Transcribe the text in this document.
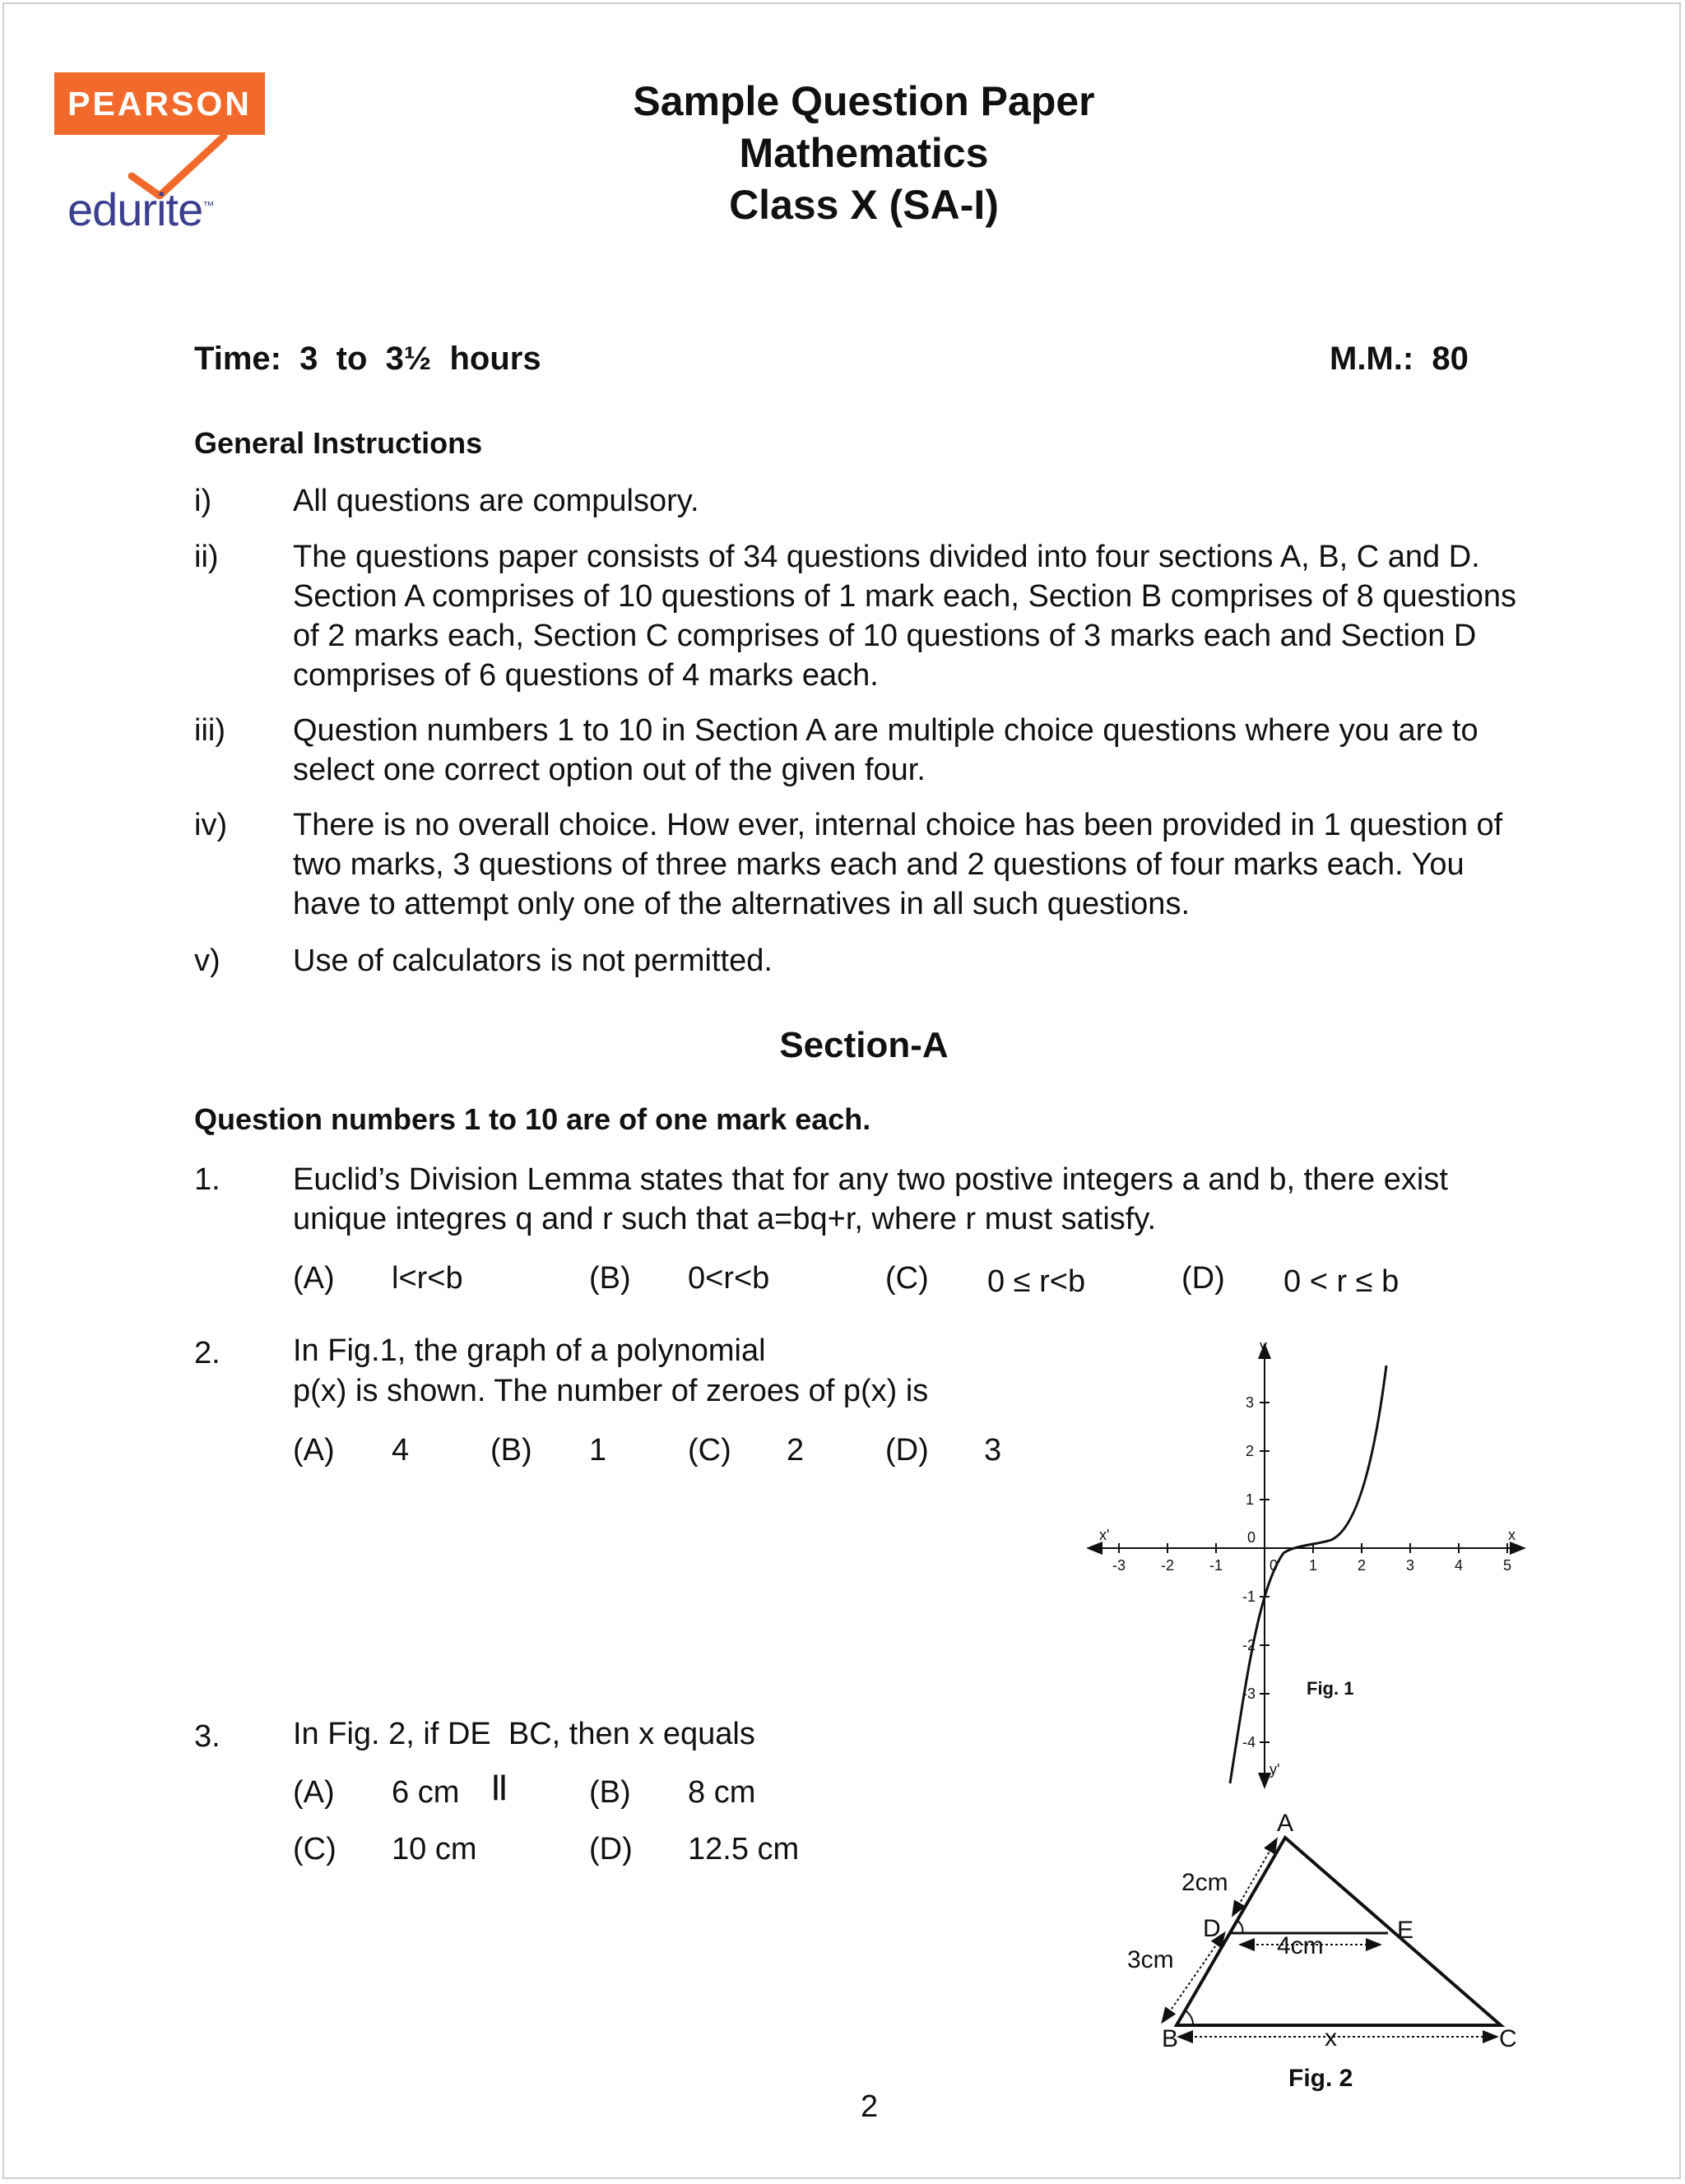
PEARSON
edurite™
Sample Question Paper
Mathematics
Class X (SA-I)
Time:  3  to  3½  hours	M.M.:  80
General Instructions
i)	All questions are compulsory.
ii) The questions paper consists of 34 questions divided into four sections A, B, C and D. Section A comprises of 10 questions of 1 mark each, Section B comprises of 8 questions of 2 marks each, Section C comprises of 10 questions of 3 marks each and Section D comprises of 6 questions of 4 marks each.
iii) Question numbers 1 to 10 in Section A are multiple choice questions where you are to select one correct option out of the given four.
iv) There is no overall choice. How ever, internal choice has been provided in 1 question of two marks, 3 questions of three marks each and 2 questions of four marks each. You have to attempt only one of the alternatives in all such questions.
v) Use of calculators is not permitted.
Section-A
Question numbers 1 to 10 are of one mark each.
1. Euclid’s Division Lemma states that for any two postive integers a and b, there exist unique integres q and r such that a=bq+r, where r must satisfy.
(A) l<r<b	(B) 0<r<b	(C) 0 ≤ r<b	(D) 0 < r ≤ b
2. In Fig.1, the graph of a polynomial
p(x) is shown. The number of zeroes of p(x) is
(A) 4	(B) 1	(C) 2	(D) 3
3. In Fig. 2, if DE  BC, then x equals
||
(A) 6 cm	(B) 8 cm
(C) 10 cm	(D) 12.5 cm
-3 -2 -1	1	2	3	4	5
0
0
3
2
1
-1
-2
-3
-4
x
x'
y
y'
Fig. 1
A
B	C
D	E
2cm
3cm
4cm
x
Fig. 2
2
